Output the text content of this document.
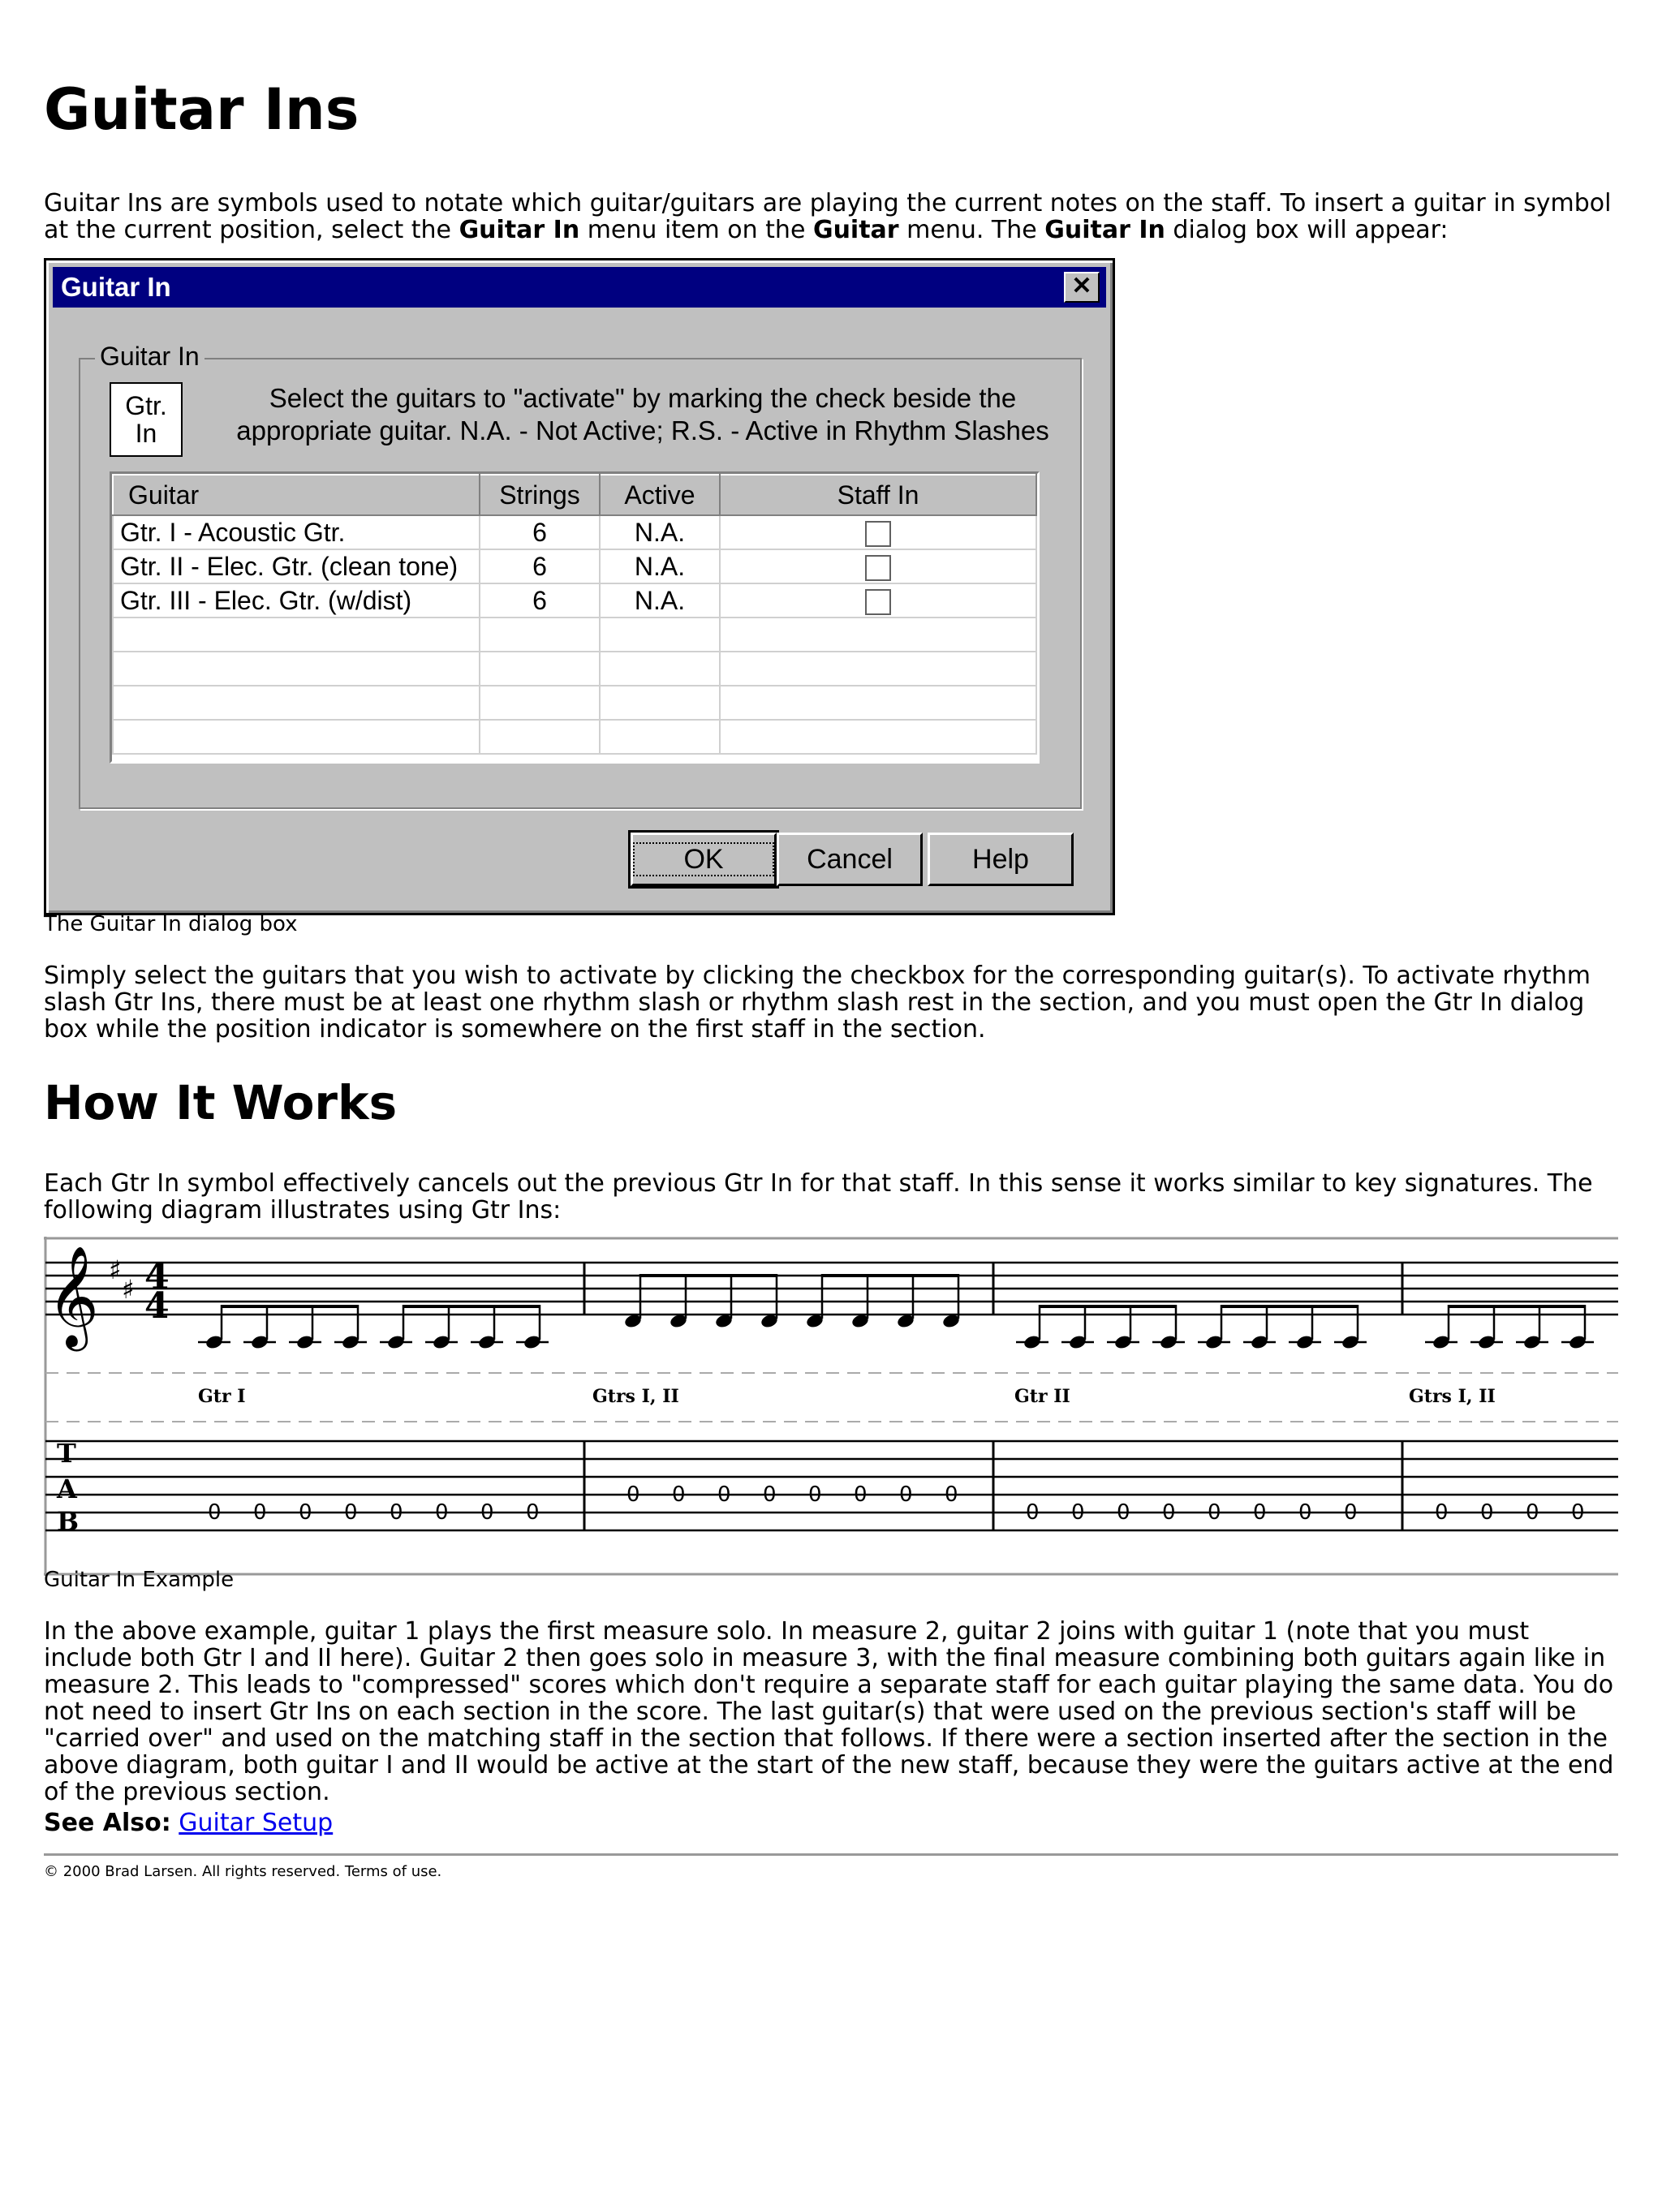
Guitar Ins

Guitar Ins are symbols used to notate which guitar/guitars are playing the current notes on the staff. To insert a guitar in symbol at the current position, select the Guitar In menu item on the Guitar menu. The Guitar In dialog box will appear:

Guitar In	✕
Guitar In
Gtr.
In
Select the guitars to "activate" by marking the check beside the
appropriate guitar. N.A. - Not Active; R.S. - Active in Rhythm Slashes
Guitar	Strings	Active	Staff In
Gtr. I - Acoustic Gtr.	6	N.A.	
Gtr. II - Elec. Gtr. (clean tone)	6	N.A.	
Gtr. III - Elec. Gtr. (w/dist)	6	N.A.	

OK	Cancel	Help

The Guitar In dialog box

Simply select the guitars that you wish to activate by clicking the checkbox for the corresponding guitar(s). To activate rhythm slash Gtr Ins, there must be at least one rhythm slash or rhythm slash rest in the section, and you must open the Gtr In dialog box while the position indicator is somewhere on the first staff in the section.

How It Works

Each Gtr In symbol effectively cancels out the previous Gtr In for that staff. In this sense it works similar to key signatures. The following diagram illustrates using Gtr Ins:

𝄞 ♯
♯ 4
4
T
A
B
Gtr I	Gtrs I, II	Gtr II	Gtrs I, II
0 0 0 0 0 0 0 0
0 0 0 0 0 0 0 0
0 0 0 0 0 0 0 0	0 0 0 0

Guitar In Example

In the above example, guitar 1 plays the first measure solo. In measure 2, guitar 2 joins with guitar 1 (note that you must include both Gtr I and II here). Guitar 2 then goes solo in measure 3, with the final measure combining both guitars again like in measure 2. This leads to "compressed" scores which don't require a separate staff for each guitar playing the same data. You do not need to insert Gtr Ins on each section in the score. The last guitar(s) that were used on the previous section's staff will be "carried over" and used on the matching staff in the section that follows. If there were a section inserted after the section in the above diagram, both guitar I and II would be active at the start of the new staff, because they were the guitars active at the end of the previous section.

See Also: Guitar Setup

© 2000 Brad Larsen. All rights reserved. Terms of use.
